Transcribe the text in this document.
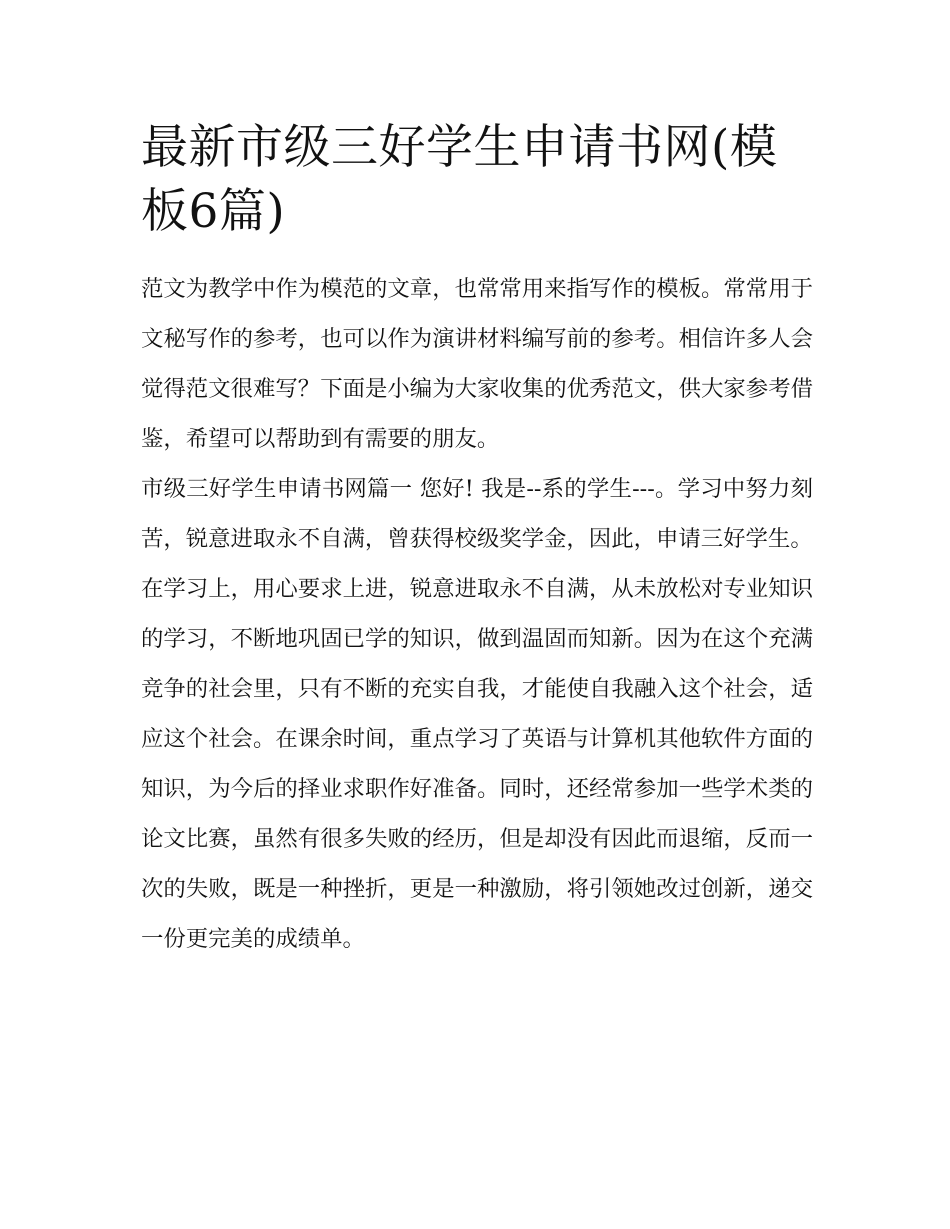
最新市级三好学生申请书网(模板6篇)

范文为教学中作为模范的文章，也常常用来指写作的模板。常常用于文秘写作的参考，也可以作为演讲材料编写前的参考。相信许多人会觉得范文很难写？下面是小编为大家收集的优秀范文，供大家参考借鉴，希望可以帮助到有需要的朋友。

市级三好学生申请书网篇一 您好! 我是--系的学生---。学习中努力刻苦，锐意进取永不自满，曾获得校级奖学金，因此，申请三好学生。

在学习上，用心要求上进，锐意进取永不自满，从未放松对专业知识的学习，不断地巩固已学的知识，做到温固而知新。因为在这个充满竞争的社会里，只有不断的充实自我，才能使自我融入这个社会，适应这个社会。在课余时间，重点学习了英语与计算机其他软件方面的知识，为今后的择业求职作好准备。同时，还经常参加一些学术类的论文比赛，虽然有很多失败的经历，但是却没有因此而退缩，反而一次的失败，既是一种挫折，更是一种激励，将引领她改过创新，递交一份更完美的成绩单。
